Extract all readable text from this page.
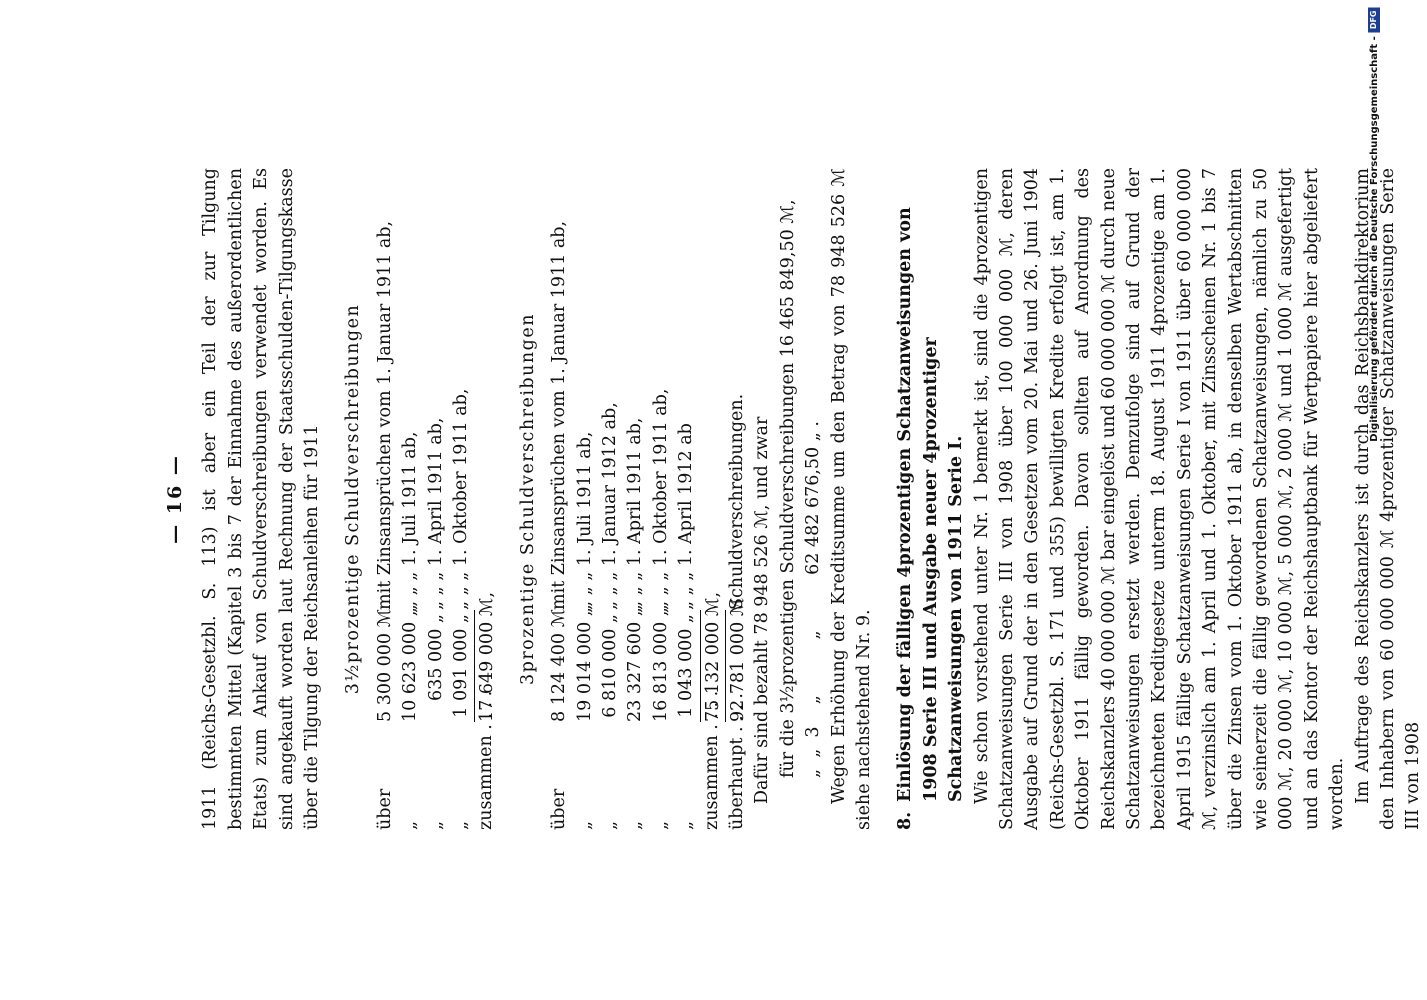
— 16 — 1911 (Reichs-Gesetzbl. S. 113) ist aber ein Teil der zur Tilgung bestimmten Mittel (Kapitel 3 bis 7 der Einnahme des außerordentlichen Etats) zum Ankauf von Schuldverschreibungen verwendet worden. Es sind angekauft worden laut Rechnung der Staatsschulden-Tilgungskasse über die Tilgung der Reichsanleihen für 1911 3½prozentige Schuldverschreibungen
über
5 300 000 ℳ
mit Zinsansprüchen vom 1. Januar 1911 ab,
„
10 623 000 „
„ „ „ 1. Juli 1911 ab,
„
635 000 „
„ „ „ 1. April 1911 ab,
„
1 091 000 „
„ „ „ 1. Oktober 1911 ab,
zusammen . . . .
17 649 000 ℳ, 3prozentige Schuldverschreibungen
über
8 124 400 ℳ
mit Zinsansprüchen vom 1. Januar 1911 ab,
„
19 014 000 „
„ „ „ 1. Juli 1911 ab,
„
6 810 000 „
„ „ „ 1. Januar 1912 ab,
„
23 327 600 „
„ „ „ 1. April 1911 ab,
„
16 813 000 „
„ „ „ 1. Oktober 1911 ab,
„
1 043 000 „
„ „ „ 1. April 1912 ab
zusammen . . . .
75 132 000 ℳ,
überhaupt . . . .
92 781 000 ℳ
Schuldverschreibungen. Dafür sind bezahlt 78 948 526 ℳ, und zwar für die 3½prozentigen Schuldverschreibungen 16 465 849,50 ℳ, „  „  3    „          „          62 482 676,50 „ . Wegen Erhöhung der Kreditsumme um den Betrag von 78 948 526 ℳ siehe nachstehend Nr. 9. 8.
Einlösung der fälligen 4prozentigen Schatzanweisungen von 1908 Serie III und Ausgabe neuer 4prozentiger Schatzanweisungen von 1911 Serie I. Wie schon vorstehend unter Nr. 1 bemerkt ist, sind die 4prozentigen Schatzanweisungen Serie III von 1908 über 100 000 000 ℳ, deren Ausgabe auf Grund der in den Gesetzen vom 20. Mai und 26. Juni 1904 (Reichs-Gesetzbl. S. 171 und 355) bewilligten Kredite erfolgt ist, am 1. Oktober 1911 fällig geworden. Davon sollten auf Anordnung des Reichskanzlers 40 000 000 ℳ bar eingelöst und 60 000 000 ℳ durch neue Schatzanweisungen ersetzt werden. Demzufolge sind auf Grund der bezeichneten Kreditgesetze unterm 18. August 1911 4prozentige am 1. April 1915 fällige Schatzanweisungen Serie I von 1911 über 60 000 000 ℳ, verzinslich am 1. April und 1. Oktober, mit Zinsscheinen Nr. 1 bis 7 über die Zinsen vom 1. Oktober 1911 ab, in denselben Wertabschnitten wie seinerzeit die fällig gewordenen Schatzanweisungen, nämlich zu 50 000 ℳ, 20 000 ℳ, 10 000 ℳ, 5 000 ℳ, 2 000 ℳ und 1 000 ℳ ausgefertigt und an das Kontor der Reichshauptbank für Wertpapiere hier abgeliefert worden. Im Auftrage des Reichskanzlers ist durch das Reichsbankdirektorium den Inhabern von 60 000 000 ℳ 4prozentiger Schatzanweisungen Serie III von 1908

Digitalisierung gefördert durch die Deutsche Forschungsgemeinschaft -
DFG
